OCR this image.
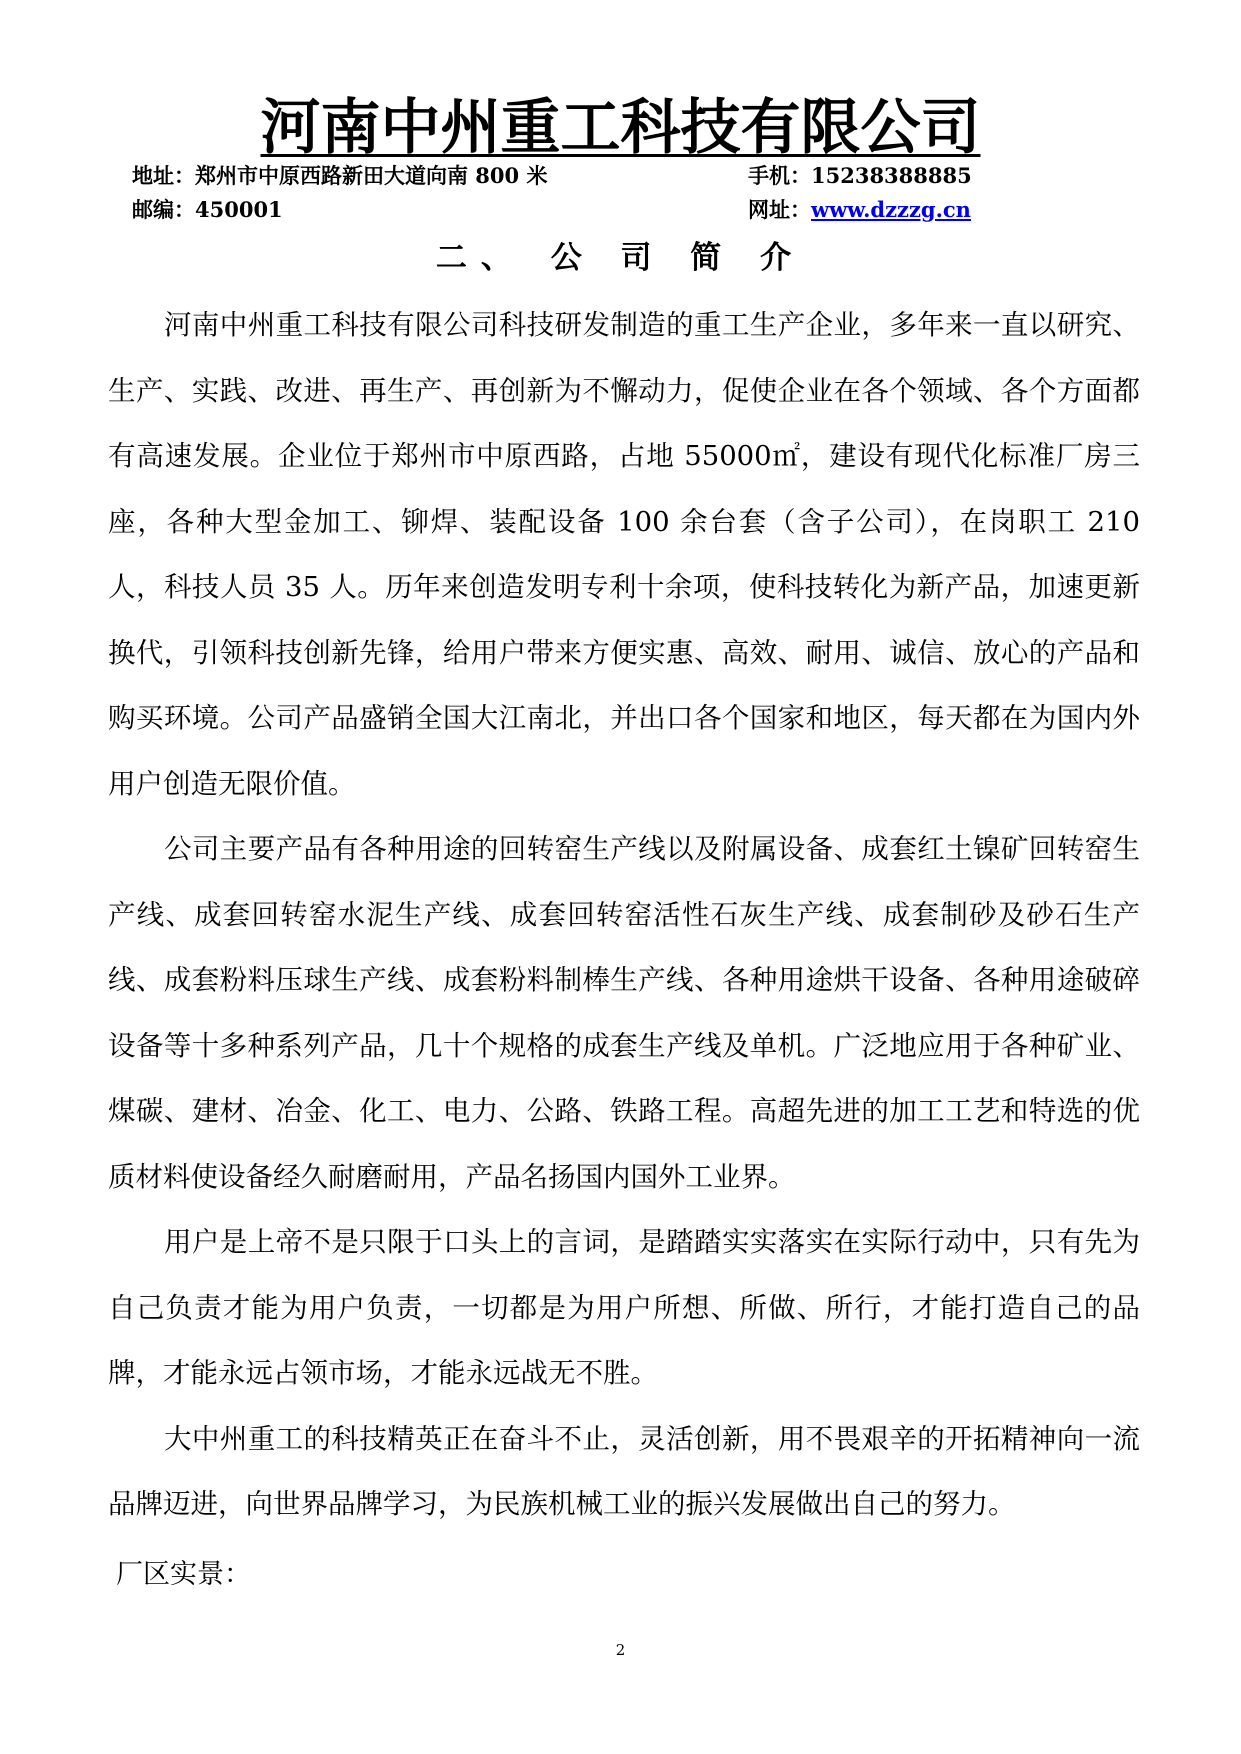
河南中州重工科技有限公司
地址：郑州市中原西路新田大道向南 800 米	手机：15238388885
邮编：450001	网址：www.dzzzg.cn
二、 公 司 简 介

河南中州重工科技有限公司科技研发制造的重工生产企业，多年来一直以研究、生产、实践、改进、再生产、再创新为不懈动力，促使企业在各个领域、各个方面都有高速发展。企业位于郑州市中原西路，占地 55000㎡，建设有现代化标准厂房三座，各种大型金加工、铆焊、装配设备 100 余台套（含子公司），在岗职工 210 人，科技人员 35 人。历年来创造发明专利十余项，使科技转化为新产品，加速更新换代，引领科技创新先锋，给用户带来方便实惠、高效、耐用、诚信、放心的产品和购买环境。公司产品盛销全国大江南北，并出口各个国家和地区，每天都在为国内外用户创造无限价值。

公司主要产品有各种用途的回转窑生产线以及附属设备、成套红土镍矿回转窑生产线、成套回转窑水泥生产线、成套回转窑活性石灰生产线、成套制砂及砂石生产线、成套粉料压球生产线、成套粉料制棒生产线、各种用途烘干设备、各种用途破碎设备等十多种系列产品，几十个规格的成套生产线及单机。广泛地应用于各种矿业、煤碳、建材、冶金、化工、电力、公路、铁路工程。高超先进的加工工艺和特选的优质材料使设备经久耐磨耐用，产品名扬国内国外工业界。

用户是上帝不是只限于口头上的言词，是踏踏实实落实在实际行动中，只有先为自己负责才能为用户负责，一切都是为用户所想、所做、所行，才能打造自己的品牌，才能永远占领市场，才能永远战无不胜。

大中州重工的科技精英正在奋斗不止，灵活创新，用不畏艰辛的开拓精神向一流品牌迈进，向世界品牌学习，为民族机械工业的振兴发展做出自己的努力。

厂区实景：

2
